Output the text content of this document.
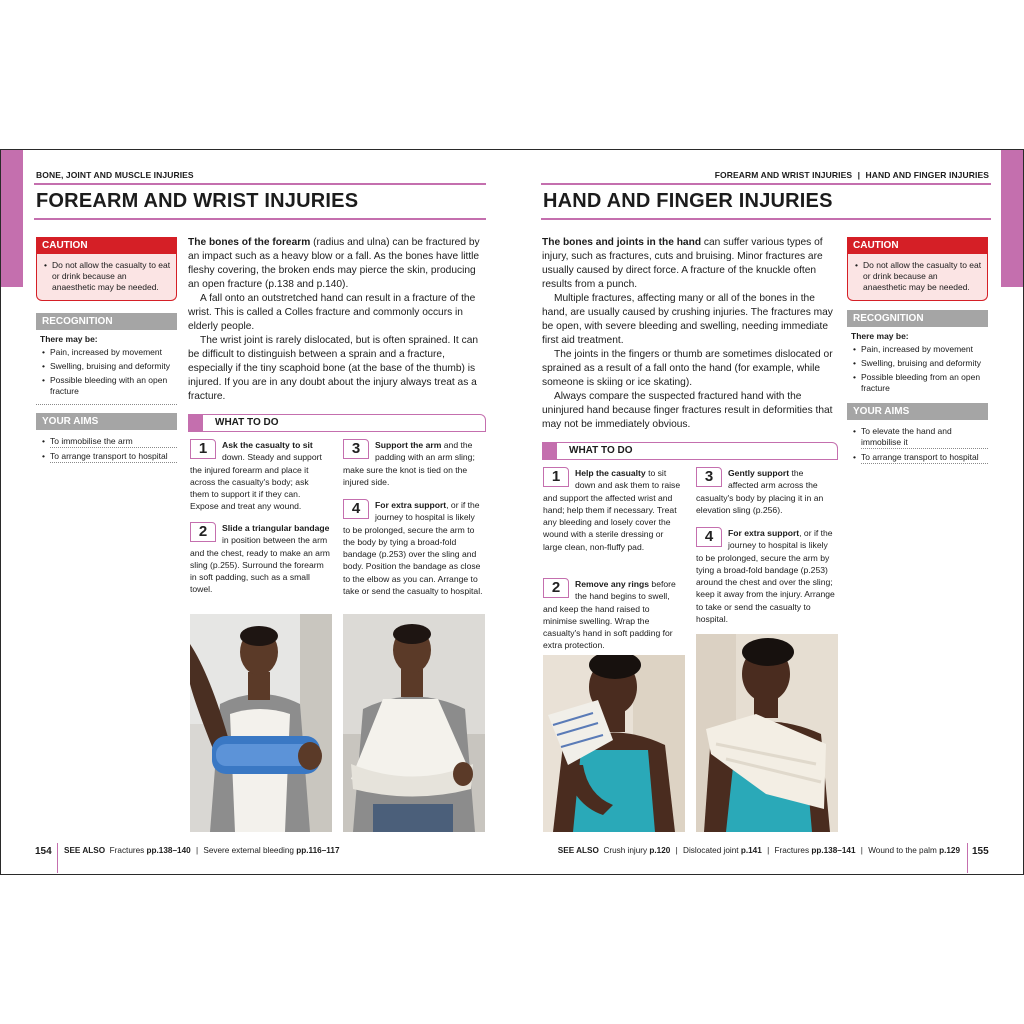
BONE, JOINT AND MUSCLE INJURIES
FOREARM AND WRIST INJURIES
CAUTION
• Do not allow the casualty to eat or drink because an anaesthetic may be needed.
RECOGNITION
There may be:
• Pain, increased by movement
• Swelling, bruising and deformity
• Possible bleeding with an open fracture
YOUR AIMS
• To immobilise the arm
• To arrange transport to hospital

The bones of the forearm (radius and ulna) can be fractured by an impact such as a heavy blow or a fall. As the bones have little fleshy covering, the broken ends may pierce the skin, producing an open fracture (p.138 and p.140).

A fall onto an outstretched hand can result in a fracture of the wrist. This is called a Colles fracture and commonly occurs in elderly people.

The wrist joint is rarely dislocated, but is often sprained. It can be difficult to distinguish between a sprain and a fracture, especially if the tiny scaphoid bone (at the base of the thumb) is injured. If you are in any doubt about the injury always treat as a fracture.

WHAT TO DO
1	Ask the casualty to sit down. Steady and support the injured forearm and place it across the casualty's body; ask them to support it if they can. Expose and treat any wound.
2	Slide a triangular bandage in position between the arm and the chest, ready to make an arm sling (p.255). Surround the forearm in soft padding, such as a small towel.
3	Support the arm and the padding with an arm sling; make sure the knot is tied on the injured side.
4	For extra support, or if the journey to hospital is likely to be prolonged, secure the arm to the body by tying a broad-fold bandage (p.253) over the sling and body. Position the bandage as close to the elbow as you can. Arrange to take or send the casualty to hospital.
FOREARM AND WRIST INJURIES | HAND AND FINGER INJURIES
HAND AND FINGER INJURIES

The bones and joints in the hand can suffer various types of injury, such as fractures, cuts and bruising. Minor fractures are usually caused by direct force. A fracture of the knuckle often results from a punch.

Multiple fractures, affecting many or all of the bones in the hand, are usually caused by crushing injuries. The fractures may be open, with severe bleeding and swelling, needing immediate first aid treatment.

The joints in the fingers or thumb are sometimes dislocated or sprained as a result of a fall onto the hand (for example, while someone is skiing or ice skating).

Always compare the suspected fractured hand with the uninjured hand because finger fractures result in deformities that may not be immediately obvious.

CAUTION
• Do not allow the casualty to eat or drink because an anaesthetic may be needed.
RECOGNITION
There may be:
• Pain, increased by movement
• Swelling, bruising and deformity
• Possible bleeding from an open fracture
YOUR AIMS
• To elevate the hand and immobilise it
• To arrange transport to hospital
WHAT TO DO
1	Help the casualty to sit down and ask them to raise and support the affected wrist and hand; help them if necessary. Treat any bleeding and losely cover the wound with a sterile dressing or large clean, non-fluffy pad.
2	Remove any rings before the hand begins to swell, and keep the hand raised to minimise swelling. Wrap the casualty's hand in soft padding for extra protection.
3	Gently support the affected arm across the casualty's body by placing it in an elevation sling (p.256).
4	For extra support, or if the journey to hospital is likely to be prolonged, secure the arm by tying a broad-fold bandage (p.253) around the chest and over the sling; keep it away from the injury. Arrange to take or send the casualty to hospital.
154 SEE ALSO Fractures pp.138–140 | Severe external bleeding pp.116–117	SEE ALSO Crush injury p.120 | Dislocated joint p.141 | Fractures pp.138–141 | Wound to the palm p.129 155
